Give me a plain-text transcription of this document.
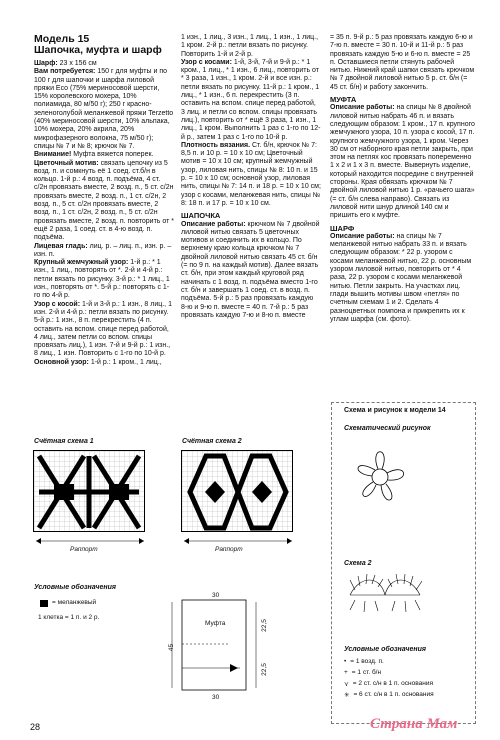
Модель 15
Шапочка, муфта и шарф

Шарф: 23 х 156 см

Вам потребуется: 150 г для муфты и по 100 г для шапочки и шарфа лиловой пряжи Eco (75% мериносовой шерсти, 15% королевского мохера, 10% полиамида, 80 м/50 г); 250 г красно-зеленоголубой меланжевой пряжи Terzetto (40% мериносовой шерсти, 10% альпака, 10% мохера, 20% акрила, 20% микрофазерного волокна, 75 м/50 г); спицы № 7 и № 8; крючок № 7.

Внимание! Муфта вяжется поперек.

Цветочный мотив: связать цепочку из 5 возд. п. и сомкнуть её 1 соед. ст.б/н в кольцо. 1-й р.: 4 возд. п. подъёма, 4 ст. с/2н провязать вместе, 2 возд. п., 5 ст. с/2н провязать вместе, 2 возд. п., 1 ст. с/2н, 2 возд. п., 5 ст. с/2н провязать вместе, 2 возд. п., 1 ст. с/2н, 2 возд. п., 5 ст. с/2н провязать вместе, 2 возд. п. повторить от * ещё 2 раза, 1 соед. ст. в 4-ю возд. п. подъёма.

Лицевая гладь: лиц. р. – лиц. п., изн. р. – изн. п.

Крупный жемчужный узор: 1-й р.: * 1 изн., 1 лиц., повторять от *. 2-й и 4-й р.: петли вязать по рисунку. 3-й р.: * 1 лиц., 1 изн., повторять от *. 5-й р.: повторять с 1-го по 4-й р.

Узор с косой: 1-й и 3-й р.: 1 изн., 8 лиц., 1 изн. 2-й и 4-й р.: петли вязать по рисунку. 5-й р.: 1 изн., 8 п. перекрестить (4 п. оставить на вспом. спице перед работой, 4 лиц., затем петли со вспом. спицы провязать лиц.), 1 изн. 7-й и 9-й р.: 1 изн., 8 лиц., 1 изн. Повторить с 1-го по 10-й р.

Основной узор: 1-й р.: 1 кром., 1 лиц.,

1 изн., 1 лиц., 3 изн., 1 лиц., 1 изн., 1 лиц., 1 кром. 2-й р.: петли вязать по рисунку. Повторить 1-й и 2-й р.

Узор с косами: 1-й, 3-й, 7-й и 9-й р.: * 1 кром., 1 лиц., * 1 изн., 6 лиц., повторить от * 3 раза, 1 изн., 1 кром. 2-й и все изн. р.: петли вязать по рисунку. 11-й р.: 1 кром., 1 лиц., * 1 изн., 6 п. перекрестить (3 п. оставить на вспом. спице перед работой, 3 лиц. и петли со вспом. спицы провязать лиц.), повторить от * ещё 3 раза, 1 изн., 1 лиц., 1 кром. Выполнить 1 раз с 1-го по 12-й р., затем 1 раз с 1-го по 10-й р.

Плотность вязания. Ст. б/н, крючок № 7: 8,5 п. и 10 р. = 10 х 10 см; Цветочный мотив = 10 х 10 см; крупный жемчужный узор, лиловая нить, спицы № 8: 10 п. и 15 р. = 10 х 10 см; основной узор, лиловая нить, спицы № 7: 14 п. и 18 р. = 10 х 10 см; узор с косами, меланжевая нить, спицы № 8: 18 п. и 17 р. = 10 х 10 см.

ШАПОЧКА

Описание работы: крючком № 7 двойной лиловой нитью связать 5 цветочных мотивов и соединить их в кольцо. По верхнему краю кольца крючком № 7 двойной лиловой нитью связать 45 ст. б/н (= по 9 п. на каждый мотив). Далее вязать ст. б/н, при этом каждый круговой ряд начинать с 1 возд. п. подъёма вместо 1-го ст. б/н и завершать 1 соед. ст. в возд. п. подъёма. 5-й р.: 5 раз провязать каждую 8-ю и 9-ю п. вместе = 40 п. 7-й р.: 5 раз провязать каждую 7-ю и 8-ю п. вместе

= 35 п. 9-й р.: 5 раз провязать каждую 6-ю и 7-ю п. вместе = 30 п. 10-й и 11-й р.: 5 раз провязать каждую 5-ю и 6-ю п. вместе = 25 п. Оставшиеся петли стянуть рабочей нитью. Нижний край шапки связать крючком № 7 двойной лиловой нитью 5 р. ст. б/н (= 45 ст. б/н) и работу закончить.

МУФТА

Описание работы: на спицы № 8 двойной лиловой нитью набрать 46 п. и вязать следующим образом: 1 кром., 17 п. крупного жемчужного узора, 10 п. узора с косой, 17 п. крупного жемчужного узора, 1 кром. Через 30 см от наборного края петли закрыть, при этом на петлях кос провязать попеременно 1 х 2 и 1 х 3 п. вместе. Вывернуть изделие, который находится посредине с внутренней стороны. Края обвязать крючком № 7 двойной лиловой нитью 1 р. «рачьего шага» (= ст. б/н слева направо). Связать из лиловой нити шнур длиной 140 см и пришить его к муфте.

ШАРФ

Описание работы: на спицы № 7 меланжевой нитью набрать 33 п. и вязать следующим образом: * 22 р. узором с косами меланжевой нитью, 22 р. основным узором лиловой нитью, повторить от * 4 раза, 22 р. узором с косами меланжевой нитью. Петли закрыть. На участках лиц. глади вышить мотивы швом «петля» по счетным схемам 1 и 2. Сделать 4 разноцветных помпона и прикрепить их к углам шарфа (см. фото).

Счётная схема 1
Раппорт
Счётная схема 2
Раппорт
Условные обозначения
= меланжевый
1 клетка = 1 п. и 2 р.
Муфта	22,5
22,5
45
30
30
Схема и рисунок к модели 14
Схематический рисунок
Схема 2
Условные обозначения
• = 1 возд. п.
+ = 1 ст. б/н
⋎ = 2 ст. с/н в 1 п. основания
✳ = 6 ст. с/н в 1 п. основания
28	Страна Мам
